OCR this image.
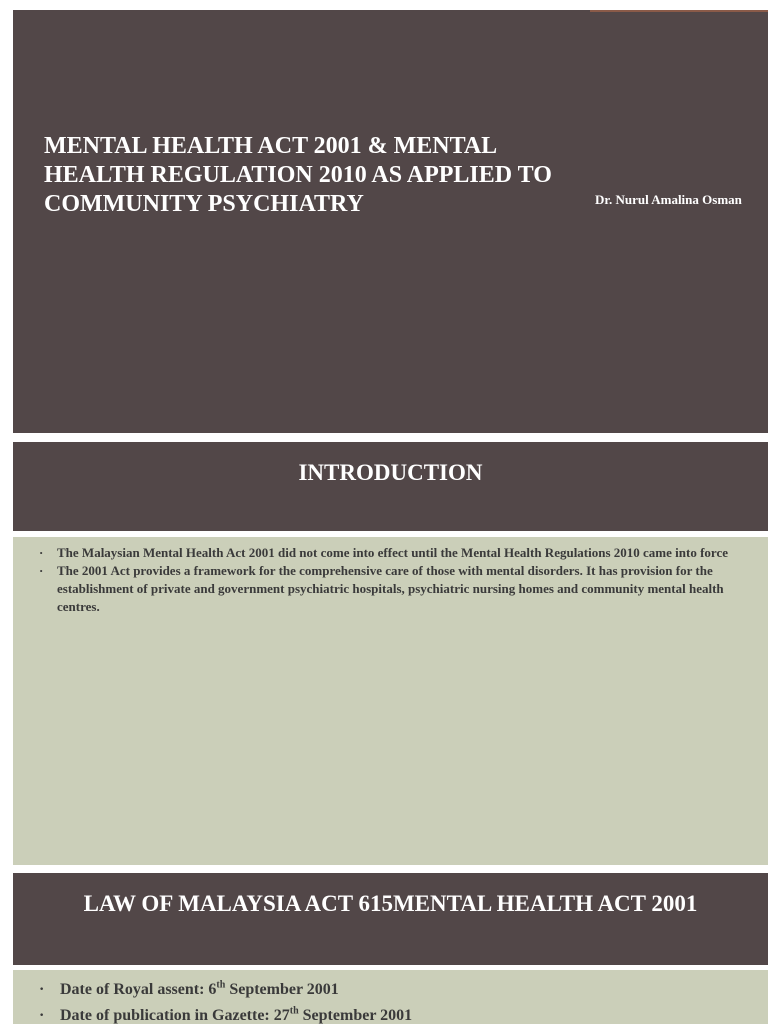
MENTAL HEALTH ACT 2001 & MENTAL HEALTH REGULATION 2010 AS APPLIED TO COMMUNITY PSYCHIATRY	Dr. Nurul Amalina Osman

INTRODUCTION
· The Malaysian Mental Health Act 2001 did not come into effect until the Mental Health Regulations 2010 came into force
· The 2001 Act provides a framework for the comprehensive care of those with mental disorders. It has provision for the establishment of private and government psychiatric hospitals, psychiatric nursing homes and community mental health centres.
LAW OF MALAYSIA ACT 615MENTAL HEALTH ACT 2001
· Date of Royal assent: 6th September 2001
· Date of publication in Gazette: 27th September 2001
